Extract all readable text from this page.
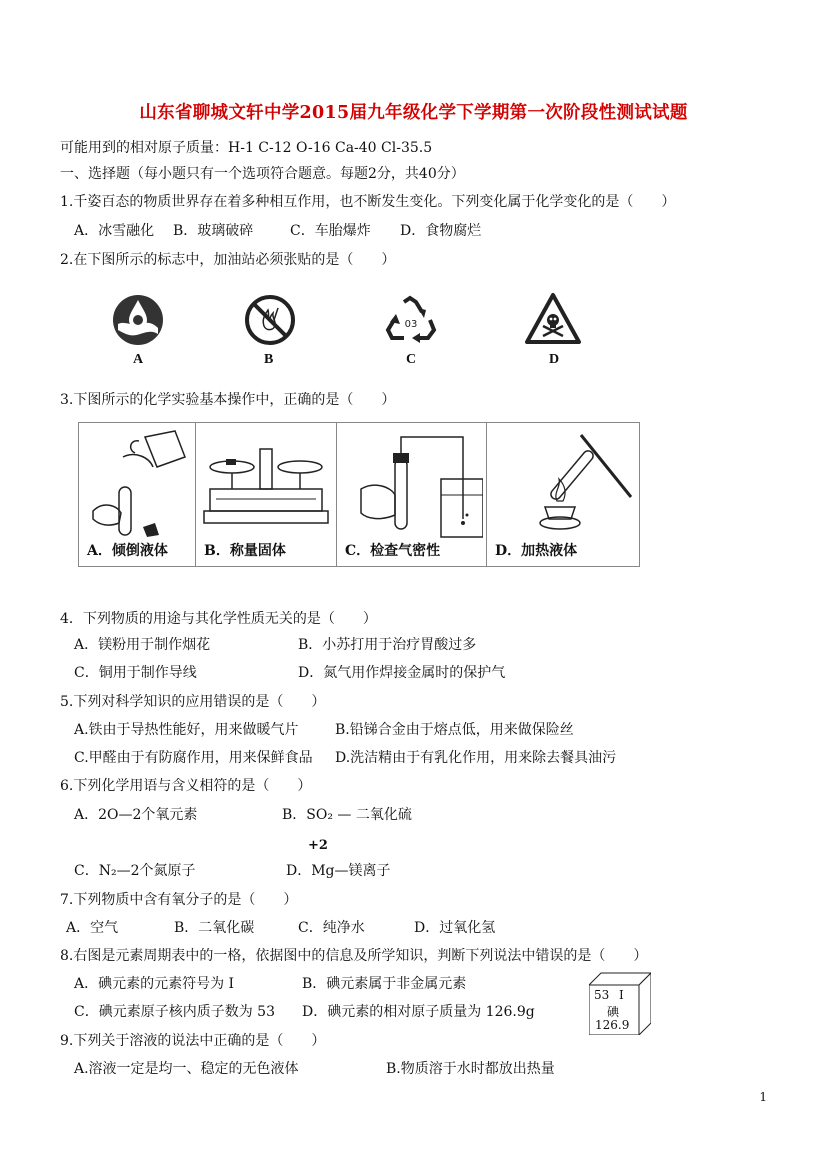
山东省聊城文轩中学2015届九年级化学下学期第一次阶段性测试试题
可能用到的相对原子质量：H-1 C-12 O-16 Ca-40 Cl-35.5
一、选择题（每小题只有一个选项符合题意。每题2分，共40分）
1.千姿百态的物质世界存在着多种相互作用，也不断发生变化。下列变化属于化学变化的是（　　）
A．冰雪融化 B．玻璃破碎	C．车胎爆炸 D．食物腐烂
2.在下图所示的标志中，加油站必须张贴的是（　　）
A	B
03
C	D
3.下图所示的化学实验基本操作中，正确的是（　　）
A．倾倒液体	B．称量固体	C．检查气密性	D．加热液体
4．下列物质的用途与其化学性质无关的是（　　）
A．镁粉用于制作烟花	B．小苏打用于治疗胃酸过多
C．铜用于制作导线	D．氮气用作焊接金属时的保护气
5.下列对科学知识的应用错误的是（　　）
A.铁由于导热性能好，用来做暖气片	B.铅锑合金由于熔点低，用来做保险丝
C.甲醛由于有防腐作用，用来保鲜食品 D.洗洁精由于有乳化作用，用来除去餐具油污
6.下列化学用语与含义相符的是（　　）
A．2O—2个氧元素	B．SO₂ — 二氧化硫
+2
C．N₂—2个氮原子	D．Mg—镁离子
7.下列物质中含有氧分子的是（　　）
A．空气	B．二氧化碳	C．纯净水	D．过氧化氢
8.右图是元素周期表中的一格，依据图中的信息及所学知识，判断下列说法中错误的是（　　）
A．碘元素的元素符号为 I	B．碘元素属于非金属元素
C．碘元素原子核内质子数为 53 D．碘元素的相对原子质量为 126.9g
53 I
碘
126.9
9.下列关于溶液的说法中正确的是（　　）
A.溶液一定是均一、稳定的无色液体	B.物质溶于水时都放出热量
1
